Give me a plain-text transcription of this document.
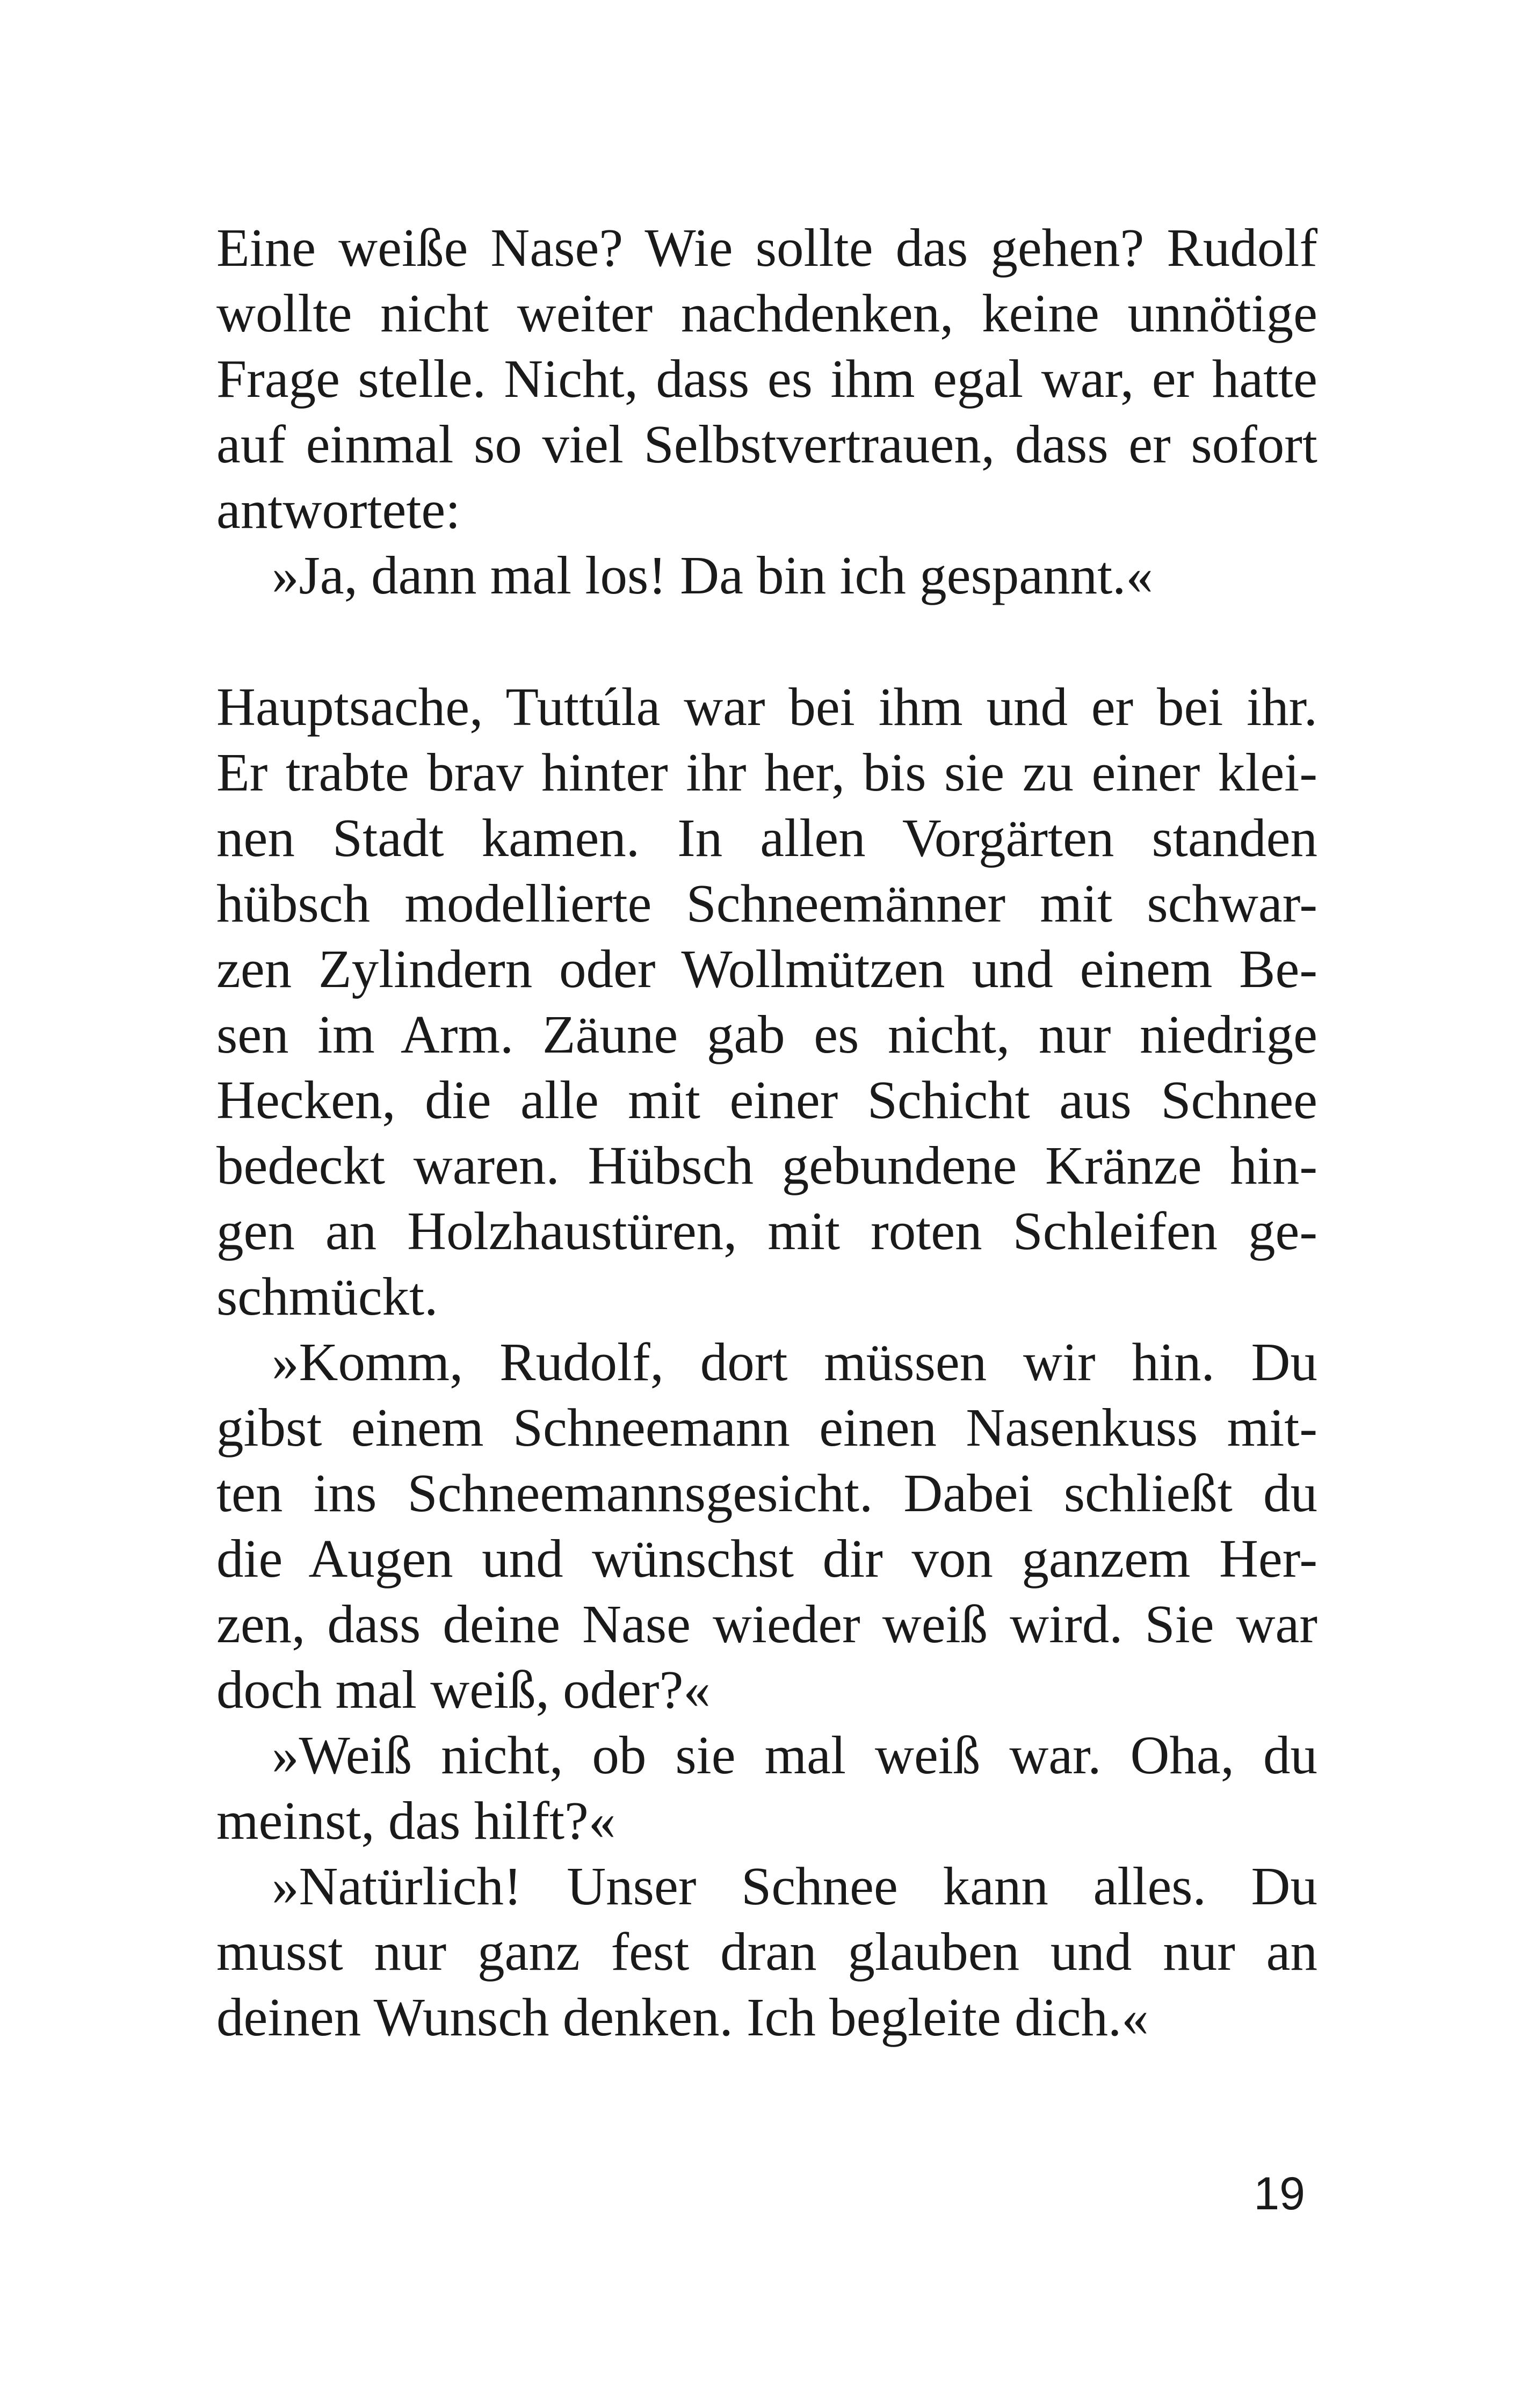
Eine weiße Nase? Wie sollte das gehen? Rudolf
wollte nicht weiter nachdenken, keine unnötige
Frage stelle. Nicht, dass es ihm egal war, er hatte
auf einmal so viel Selbstvertrauen, dass er sofort
antwortete:
»Ja, dann mal los! Da bin ich gespannt.«
Hauptsache, Tuttúla war bei ihm und er bei ihr.
Er trabte brav hinter ihr her, bis sie zu einer klei-
nen Stadt kamen. In allen Vorgärten standen
hübsch modellierte Schneemänner mit schwar-
zen Zylindern oder Wollmützen und einem Be-
sen im Arm. Zäune gab es nicht, nur niedrige
Hecken, die alle mit einer Schicht aus Schnee
bedeckt waren. Hübsch gebundene Kränze hin-
gen an Holzhaustüren, mit roten Schleifen ge-
schmückt.
»Komm, Rudolf, dort müssen wir hin. Du
gibst einem Schneemann einen Nasenkuss mit-
ten ins Schneemannsgesicht. Dabei schließt du
die Augen und wünschst dir von ganzem Her-
zen, dass deine Nase wieder weiß wird. Sie war
doch mal weiß, oder?«
»Weiß nicht, ob sie mal weiß war. Oha, du
meinst, das hilft?«
»Natürlich! Unser Schnee kann alles. Du
musst nur ganz fest dran glauben und nur an
deinen Wunsch denken. Ich begleite dich.«
19
